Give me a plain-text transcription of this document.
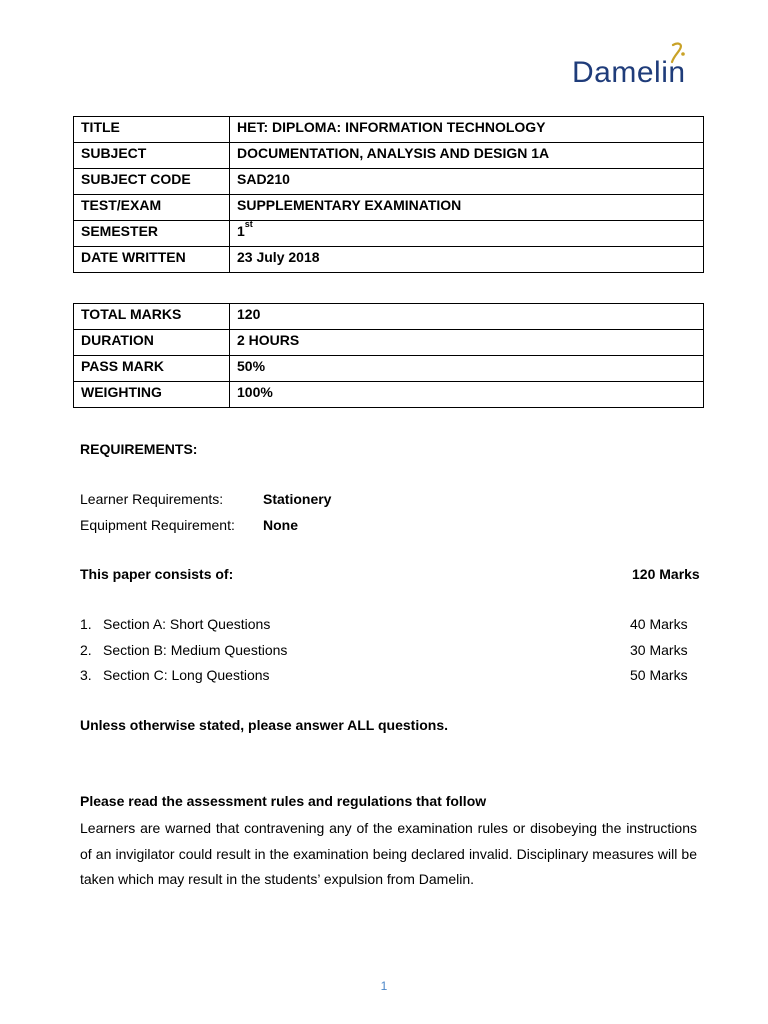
Damelin
TITLE	HET: DIPLOMA: INFORMATION TECHNOLOGY
SUBJECT	DOCUMENTATION, ANALYSIS AND DESIGN 1A
SUBJECT CODE	SAD210
TEST/EXAM	SUPPLEMENTARY EXAMINATION
SEMESTER	1st
DATE WRITTEN	23 July 2018
TOTAL MARKS	120
DURATION	2 HOURS
PASS MARK	50%
WEIGHTING	100%
REQUIREMENTS:
Learner Requirements:	Stationery
Equipment Requirement: None
This paper consists of:	120 Marks
1. Section A: Short Questions	40 Marks
2. Section B: Medium Questions	30 Marks
3. Section C: Long Questions	50 Marks
Unless otherwise stated, please answer ALL questions.
Please read the assessment rules and regulations that follow
Learners are warned that contravening any of the examination rules or disobeying the instructions of an invigilator could result in the examination being declared invalid. Disciplinary measures will be taken which may result in the students’ expulsion from Damelin.
1
